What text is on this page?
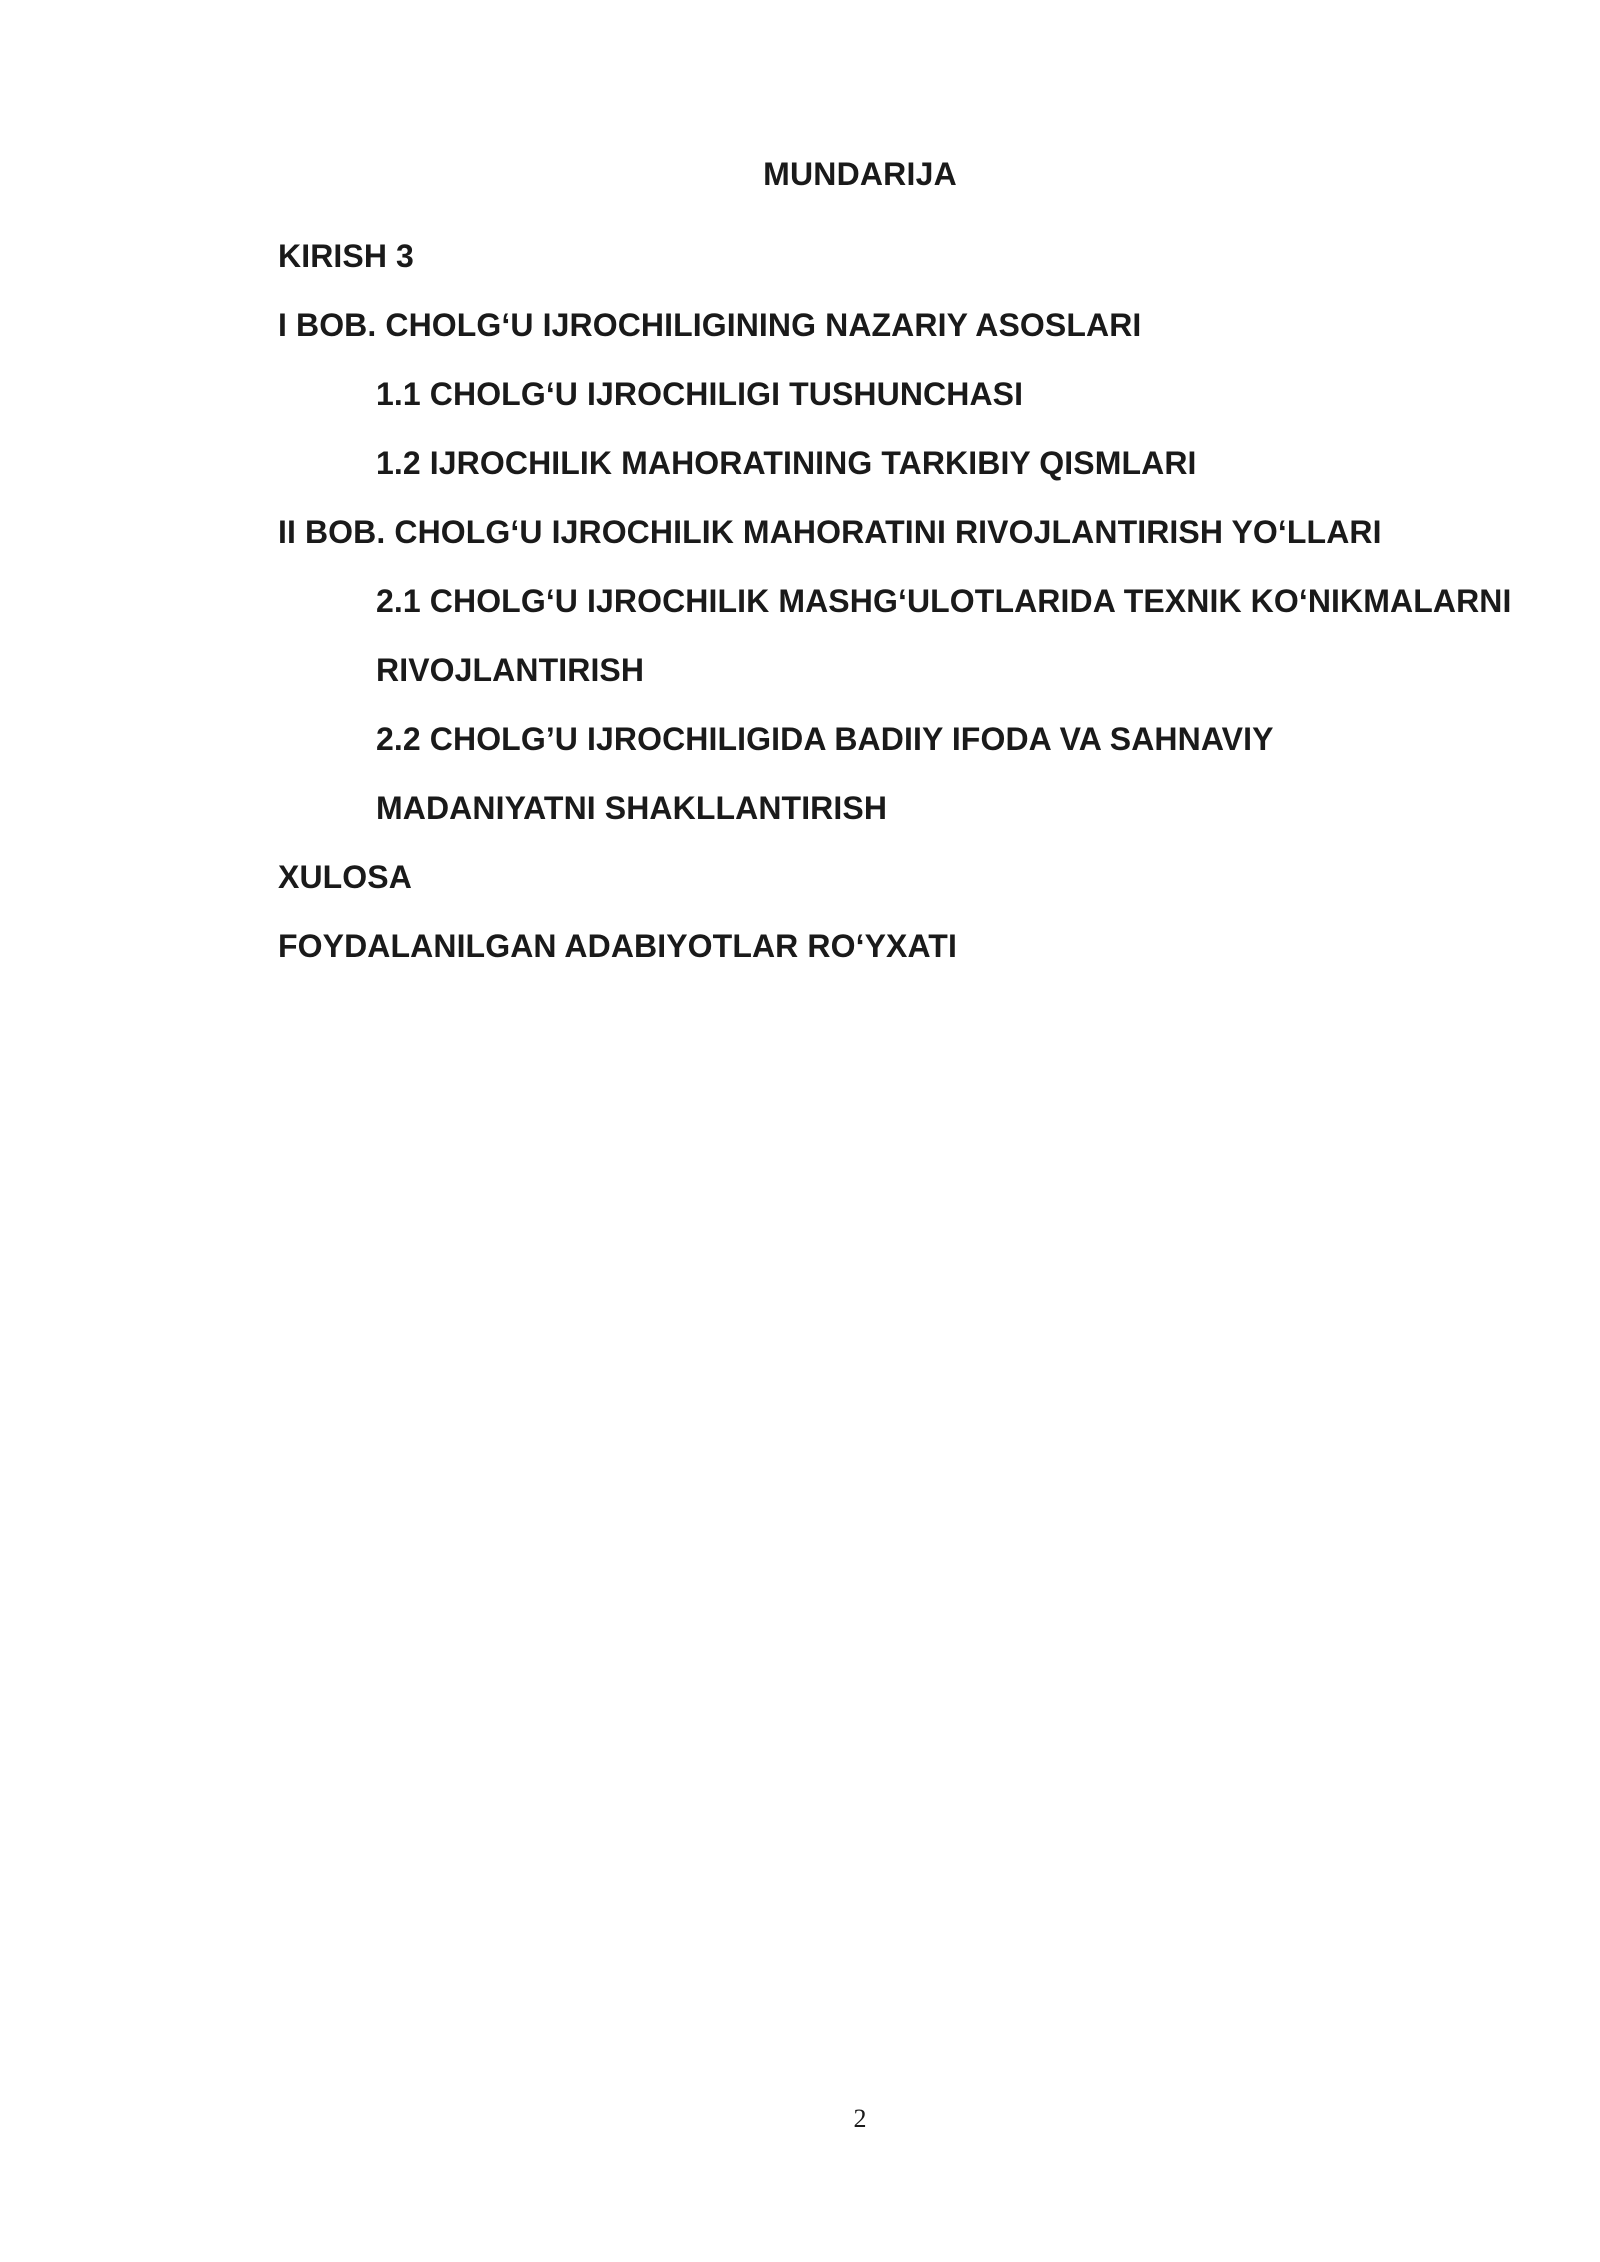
MUNDARIJA
KIRISH 3
I BOB. CHOLG‘U IJROCHILIGINING NAZARIY ASOSLARI
1.1 CHOLG‘U IJROCHILIGI TUSHUNCHASI
1.2 IJROCHILIK MAHORATINING TARKIBIY QISMLARI
II BOB. CHOLG‘U IJROCHILIK MAHORATINI RIVOJLANTIRISH YO‘LLARI
2.1 CHOLG‘U IJROCHILIK MASHG‘ULOTLARIDA TEXNIK KO‘NIKMALARNI
RIVOJLANTIRISH
2.2 CHOLG’U IJROCHILIGIDA BADIIY IFODA VA SAHNAVIY
MADANIYATNI SHAKLLANTIRISH
XULOSA
FOYDALANILGAN ADABIYOTLAR RO‘YXATI
2
